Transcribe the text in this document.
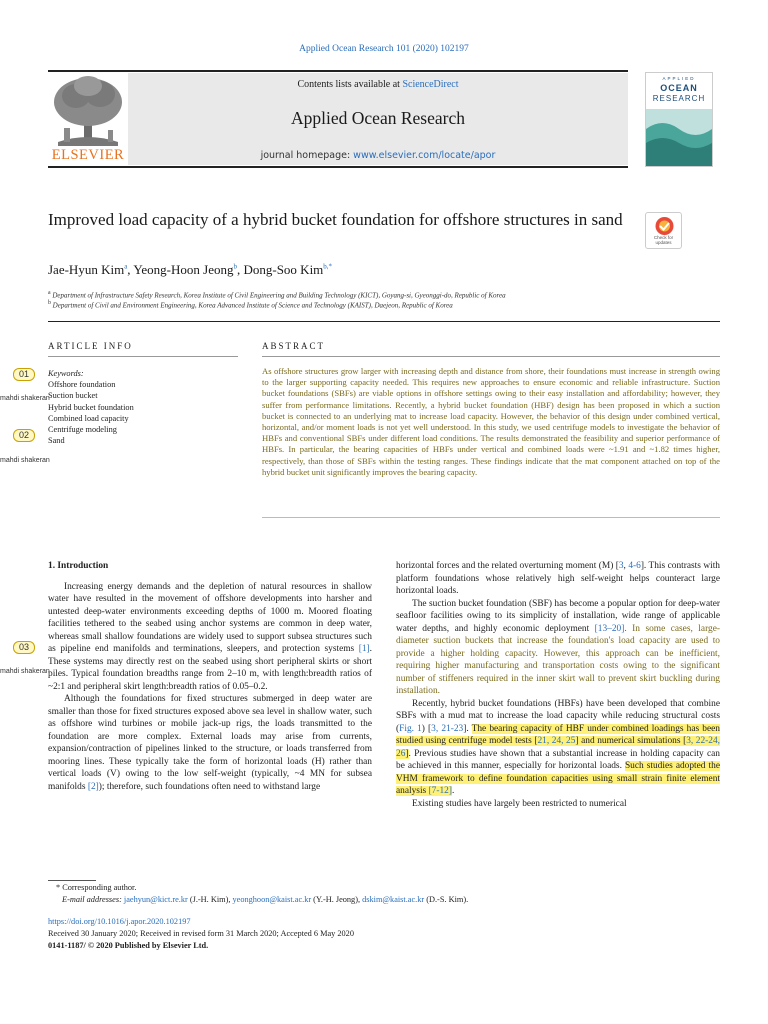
Applied Ocean Research 101 (2020) 102197
Contents lists available at ScienceDirect
Applied Ocean Research
journal homepage: www.elsevier.com/locate/apor
ELSEVIER
APPLIED
OCEAN
RESEARCH
Improved load capacity of a hybrid bucket foundation for offshore structures in sand
Check for updates
Jae-Hyun Kim$^a$, Yeong-Hoon Jeong$^b$, Dong-Soo Kim$^{b,*}$
$^a$ Department of Infrastructure Safety Research, Korea Institute of Civil Engineering and Building Technology (KICT), Goyang-si, Gyeonggi-do, Republic of Korea
$^b$ Department of Civil and Environment Engineering, Korea Advanced Institute of Science and Technology (KAIST), Daejeon, Republic of Korea
ARTICLE INFO	ABSTRACT
Keywords:
Offshore foundation
Suction bucket
Hybrid bucket foundation
Combined load capacity
Centrifuge modeling
Sand
As offshore structures grow larger with increasing depth and distance from shore, their foundations must increase in strength owing to the larger supporting capacity needed. This requires new approaches to ensure economic and reliable infrastructure. Suction bucket foundations (SBFs) are viable options in offshore settings owing to their easy installation and affordability; however, they suffer from performance limitations. Recently, a hybrid bucket foundation (HBF) design has been proposed in which a suction bucket is connected to an underlying mat to increase load capacity. However, the behavior of this design under combined vertical, horizontal, and/or moment loads is not yet well understood. In this study, we used centrifuge models to investigate the behavior of HBFs and conventional SBFs under different load conditions. The results demonstrated the feasibility and superior performance of HBFs. In particular, the bearing capacities of HBFs under vertical and combined loads were ~1.91 and ~1.82 times higher, respectively, than those of SBFs within the testing ranges. These findings indicate that the mat component attached on top of the hybrid bucket unit significantly improves the bearing capacity.
01
mahdi shakeran
02
mahdi shakeran
03
mahdi shakeran
1. Introduction

Increasing energy demands and the depletion of natural resources in shallow water have resulted in the movement of offshore developments into harsher and untested deep-water environments exceeding depths of 1000 m. Moored floating facilities tethered to the seabed using anchor systems are common in deep water, whereas small shallow foundations are widely used to support subsea structures such as pipeline end manifolds and terminations, sleepers, and protection systems [1]. These systems may directly rest on the seabed using short peripheral skirts or short piles. Typical foundation breadths range from 2–10 m, with length:breadth ratios of ~2:1 and peripheral skirt length:breadth ratios of 0.05–0.2.

Although the foundations for fixed structures submerged in deep water are smaller than those for fixed structures exposed above sea level in shallow water, such as offshore wind turbines or mobile jack-up rigs, the loads transmitted to the foundation are more complex. External loads may arise from currents, expansion/contraction of pipelines linked to the structure, or loads transferred from mooring lines. These typically take the form of horizontal loads (H) rather than vertical loads (V) owing to the low self-weight (typically, ~4 MN for subsea manifolds [2]); therefore, such foundations often need to withstand large

horizontal forces and the related overturning moment (M) [3, 4-6]. This contrasts with platform foundations whose relatively high self-weight helps counteract large horizontal loads.

The suction bucket foundation (SBF) has become a popular option for deep-water seafloor facilities owing to its simplicity of installation, wide range of applicable water depths, and highly economic deployment [13–20]. In some cases, large-diameter suction buckets that increase the foundation's load capacity are used to provide a higher holding capacity. However, this approach can be inefficient, requiring higher manufacturing and transportation costs owing to the significant number of stiffeners required in the inner skirt wall to prevent skirt buckling during installation.

Recently, hybrid bucket foundations (HBFs) have been developed that combine SBFs with a mud mat to increase the load capacity while reducing structural costs (Fig. 1) [3, 21-23]. The bearing capacity of HBF under combined loadings has been studied using centrifuge model tests [21, 24, 25] and numerical simulations [3, 22-24, 26]. Previous studies have shown that a substantial increase in holding capacity can be achieved in this manner, especially for horizontal loads. Such studies adopted the VHM framework to define foundation capacities using small strain finite element analysis [7-12].

Existing studies have largely been restricted to numerical

* Corresponding author.
E-mail addresses: jaehyun@kict.re.kr (J.-H. Kim), yeonghoon@kaist.ac.kr (Y.-H. Jeong), dskim@kaist.ac.kr (D.-S. Kim).
https://doi.org/10.1016/j.apor.2020.102197
Received 30 January 2020; Received in revised form 31 March 2020; Accepted 6 May 2020
0141-1187/ © 2020 Published by Elsevier Ltd.
